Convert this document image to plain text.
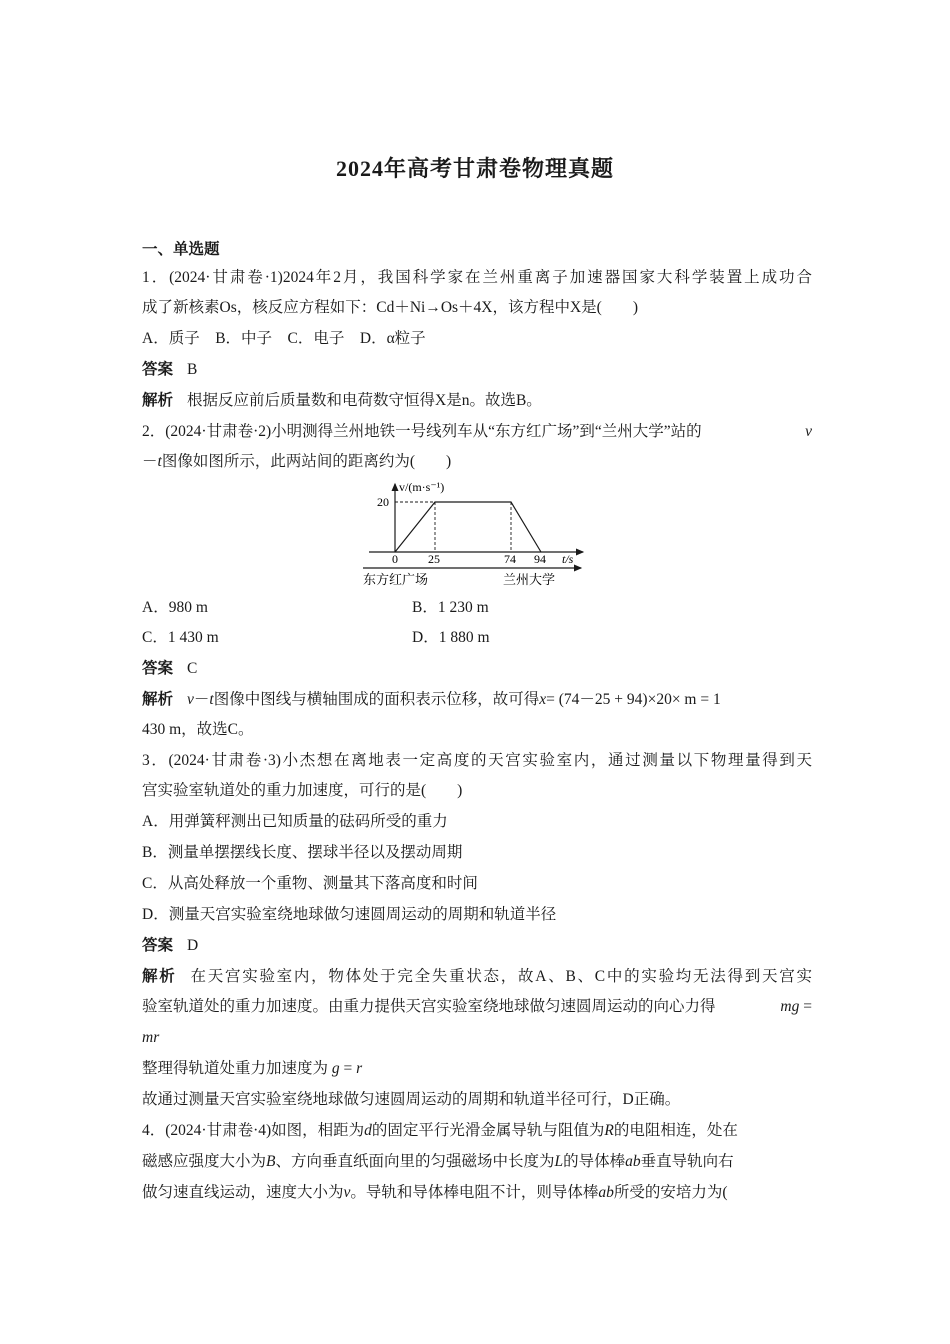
2024年高考甘肃卷物理真题
一、单选题
1．(2024·甘肃卷·1)2024年2月，我国科学家在兰州重离子加速器国家大科学装置上成功合
成了新核素Os，核反应方程如下：Cd＋Ni→Os＋4X，该方程中X是(　　)
A．质子　B．中子　C．电子　D．α粒子
答案 B
解析 根据反应前后质量数和电荷数守恒得X是n。故选B。
2．(2024·甘肃卷·2)小明测得兰州地铁一号线列车从“东方红广场”到“兰州大学”站的	v
－t图像如图所示，此两站间的距离约为(　　)
v/(m·s⁻¹)
20
0	25	74 94 t/s
东方红广场	兰州大学
A．980 m	B．1 230 m
C．1 430 m	D．1 880 m
答案 C
解析 v－t图像中图线与横轴围成的面积表示位移，故可得x= (74－25 + 94)×20× m = 1
430 m，故选C。
3．(2024·甘肃卷·3)小杰想在离地表一定高度的天宫实验室内，通过测量以下物理量得到天
宫实验室轨道处的重力加速度，可行的是(　　)
A．用弹簧秤测出已知质量的砝码所受的重力
B．测量单摆摆线长度、摆球半径以及摆动周期
C．从高处释放一个重物、测量其下落高度和时间
D．测量天宫实验室绕地球做匀速圆周运动的周期和轨道半径
答案 D
解析 在天宫实验室内，物体处于完全失重状态，故A、B、C中的实验均无法得到天宫实
验室轨道处的重力加速度。由重力提供天宫实验室绕地球做匀速圆周运动的向心力得	mg =
mr
整理得轨道处重力加速度为 g = r
故通过测量天宫实验室绕地球做匀速圆周运动的周期和轨道半径可行，D正确。
4．(2024·甘肃卷·4)如图，相距为d的固定平行光滑金属导轨与阻值为R的电阻相连，处在
磁感应强度大小为B、方向垂直纸面向里的匀强磁场中长度为L的导体棒ab垂直导轨向右
做匀速直线运动，速度大小为v。导轨和导体棒电阻不计，则导体棒ab所受的安培力为(
